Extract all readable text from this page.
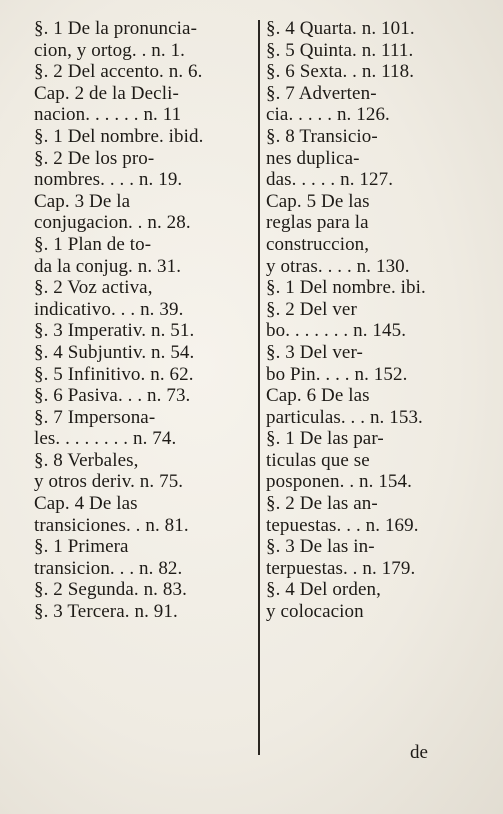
§. 1 De la pronuncia-
cion, y ortog. . n. 1.
§. 2 Del accento. n. 6.
Cap. 2 de la Decli-
nacion. . . . . . n. 11
§. 1 Del nombre. ibid.
§. 2 De los pro-
nombres. . . . n. 19.
Cap. 3 De la
conjugacion. . n. 28.
§. 1 Plan de to-
da la conjug. n. 31.
§. 2 Voz activa,
indicativo. . . n. 39.
§. 3 Imperativ. n. 51.
§. 4 Subjuntiv. n. 54.
§. 5 Infinitivo. n. 62.
§. 6 Pasiva. . . n. 73.
§. 7 Impersona-
les. . . . . . . . n. 74.
§. 8 Verbales,
y otros deriv. n. 75.
Cap. 4 De las
transiciones. . n. 81.
§. 1 Primera
transicion. . . n. 82.
§. 2 Segunda. n. 83.
§. 3 Tercera. n. 91.
§. 4 Quarta. n. 101.
§. 5 Quinta. n. 111.
§. 6 Sexta. . n. 118.
§. 7 Adverten-
cia. . . . . n. 126.
§. 8 Transicio-
nes duplica-
das. . . . . n. 127.
Cap. 5 De las
reglas para la
construccion,
y otras. . . . n. 130.
§. 1 Del nombre. ibi.
§. 2 Del ver
bo. . . . . . . n. 145.
§. 3 Del ver-
bo Pin. . . . n. 152.
Cap. 6 De las
particulas. . . n. 153.
§. 1 De las par-
ticulas que se
posponen. . n. 154.
§. 2 De las an-
tepuestas. . . n. 169.
§. 3 De las in-
terpuestas. . n. 179.
§. 4 Del orden,
y colocacion
de
